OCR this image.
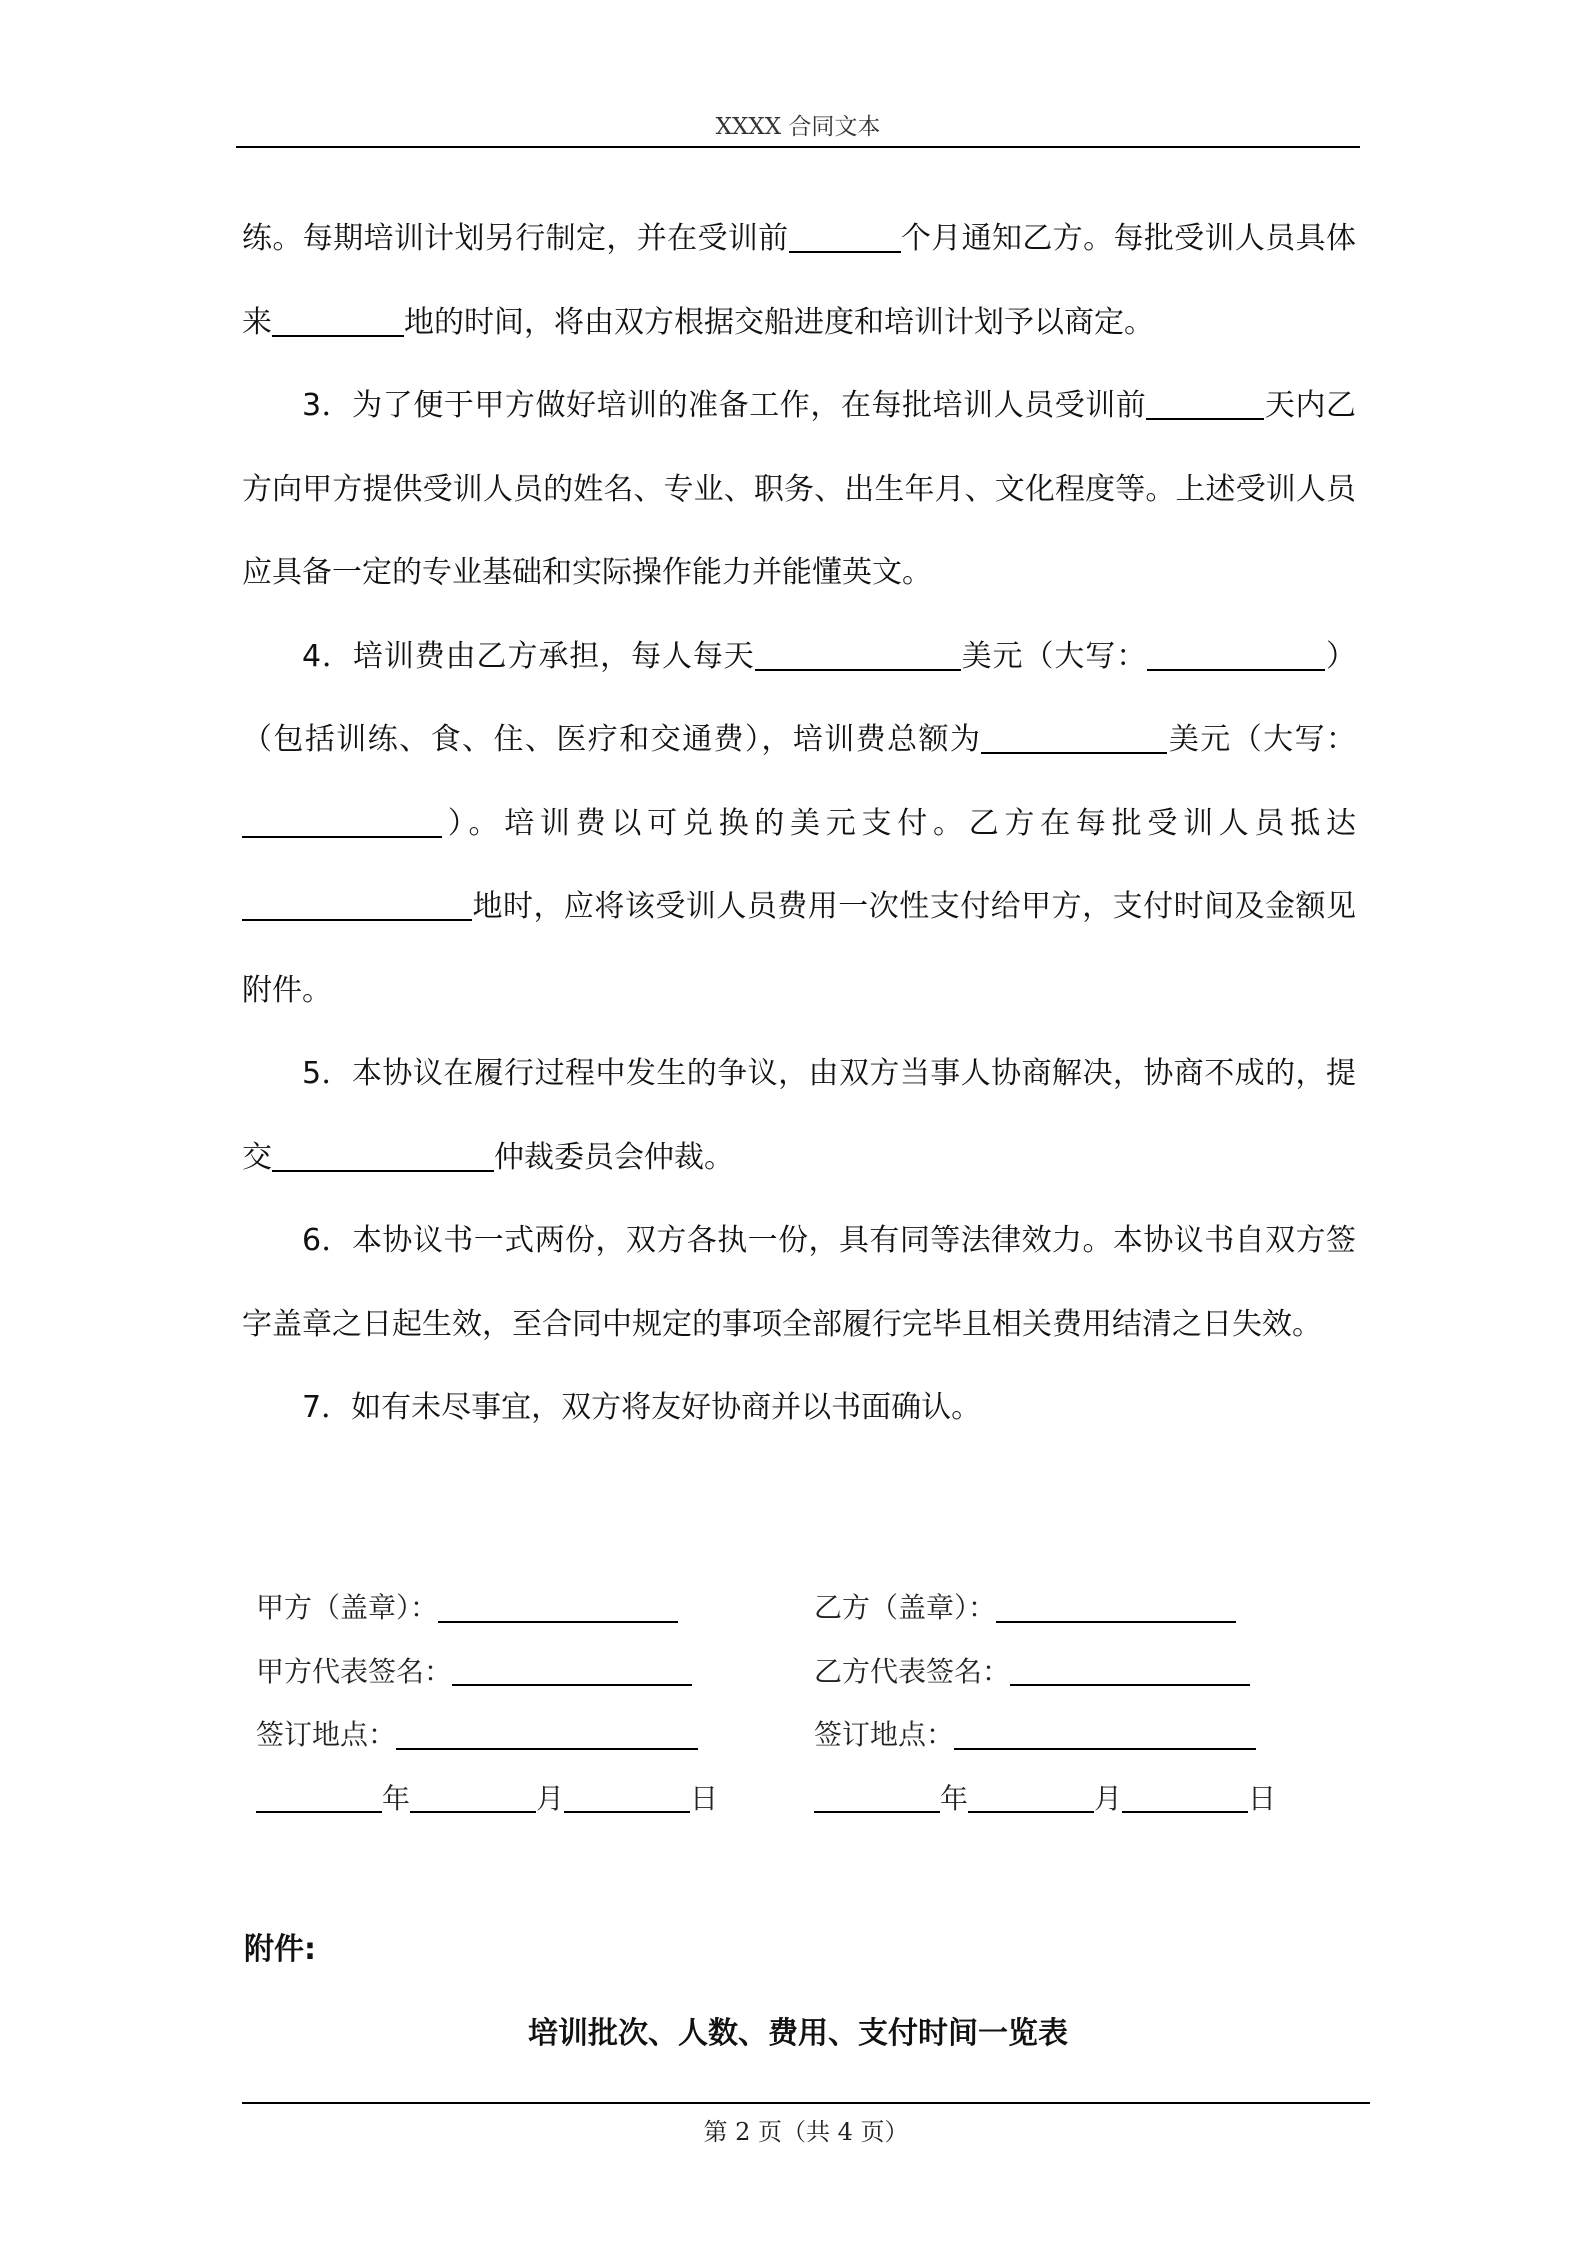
XXXX 合同文本

练。每期培训计划另行制定，并在受训前	个月通知乙方。每批受训人员具体来	地的时间，将由双方根据交船进度和培训计划予以商定。

3．为了便于甲方做好培训的准备工作，在每批培训人员受训前	天内乙方向甲方提供受训人员的姓名、专业、职务、出生年月、文化程度等。上述受训人员应具备一定的专业基础和实际操作能力并能懂英文。

4．培训费由乙方承担，每人每天	美元（大写：	）（包括训练、食、住、医疗和交通费），培训费总额为	美元（大写：）。培训费以可兑换的美元支付。乙方在每批受训人员抵达地时，应将该受训人员费用一次性支付给甲方，支付时间及金额见附件。

5．本协议在履行过程中发生的争议，由双方当事人协商解决，协商不成的，提交	仲裁委员会仲裁。

6．本协议书一式两份，双方各执一份，具有同等法律效力。本协议书自双方签字盖章之日起生效，至合同中规定的事项全部履行完毕且相关费用结清之日失效。

7．如有未尽事宜，双方将友好协商并以书面确认。

甲方（盖章）：
甲方代表签名：
签订地点：
年	月	日
乙方（盖章）：
乙方代表签名：
签订地点：
年	月	日
附件:
培训批次、人数、费用、支付时间一览表
第 2 页（共 4 页）
